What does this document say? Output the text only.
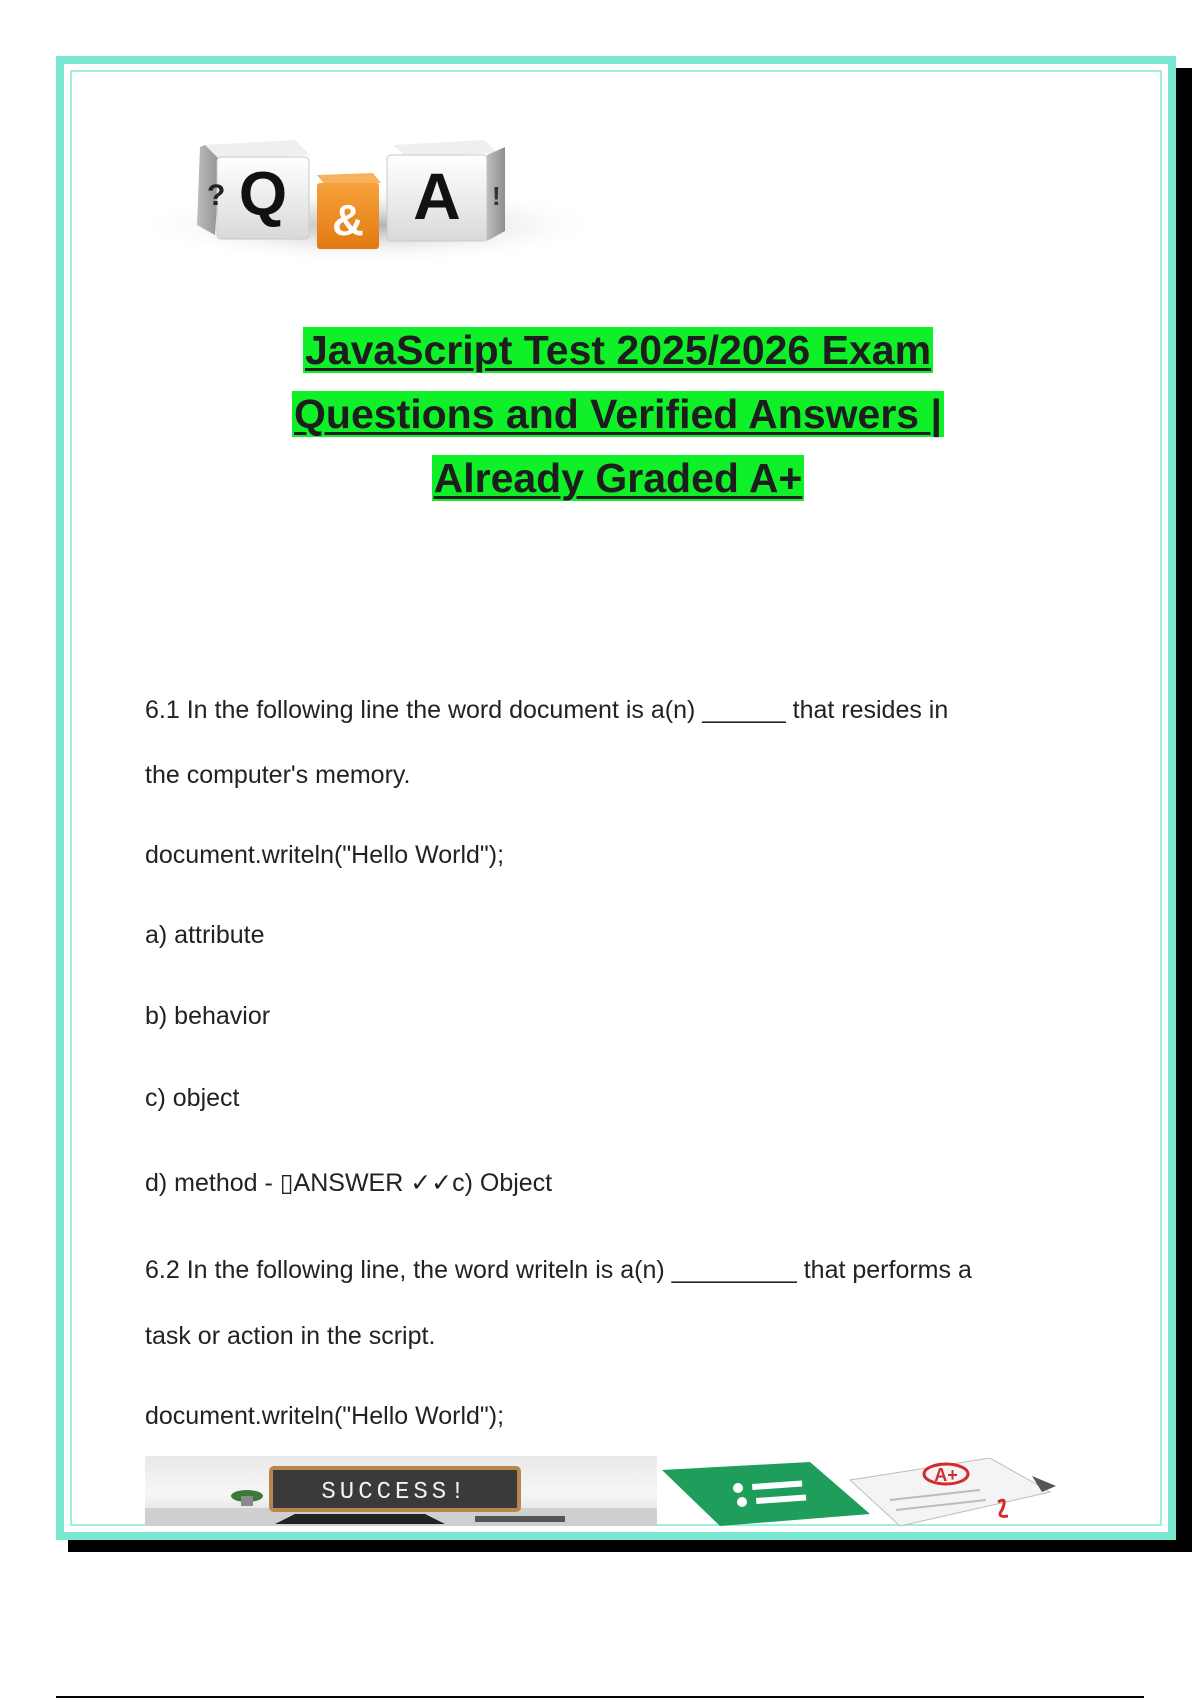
Q
?
& A !
JavaScript Test 2025/2026 Exam
Questions and Verified Answers |
Already Graded A+
6.1 In the following line the word document is a(n) ______ that resides in
the computer's memory.
document.writeln("Hello World");
a) attribute
b) behavior
c) object
d) method - ▯ANSWER ✓✓c) Object
6.2 In the following line, the word writeln is a(n) _________ that performs a
task or action in the script.
document.writeln("Hello World");
SUCCESS!
A+
